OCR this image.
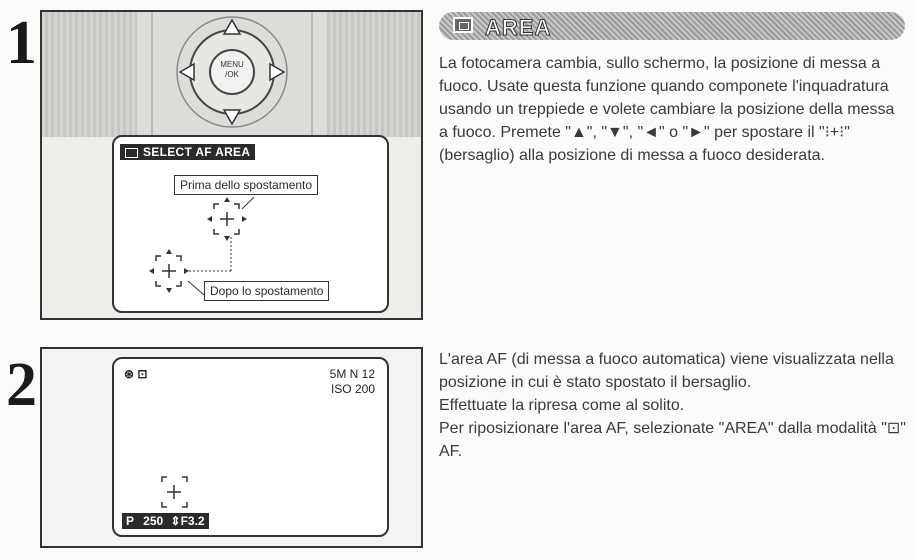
1	MENU
/OK
SELECT AF AREA
Prima dello spostamento
Dopo lo spostamento
AREA

La fotocamera cambia, sullo schermo, la posizione di messa a fuoco. Usate questa funzione quando componete l'inquadratura usando un treppiede e volete cambiare la posizione della messa a fuoco. Premete "▲", "▼", "◄" o "►" per spostare il "⁝+⁝" (bersaglio) alla posizione di messa a fuoco desiderata.

2	⊛ ⊡	5M N 12
ISO 200
P 250 ⇕F3.2

L'area AF (di messa a fuoco automatica) viene visualizzata nella posizione in cui è stato spostato il bersaglio.

Effettuate la ripresa come al solito.

Per riposizionare l'area AF, selezionate "AREA" dalla modalità "⊡" AF.
